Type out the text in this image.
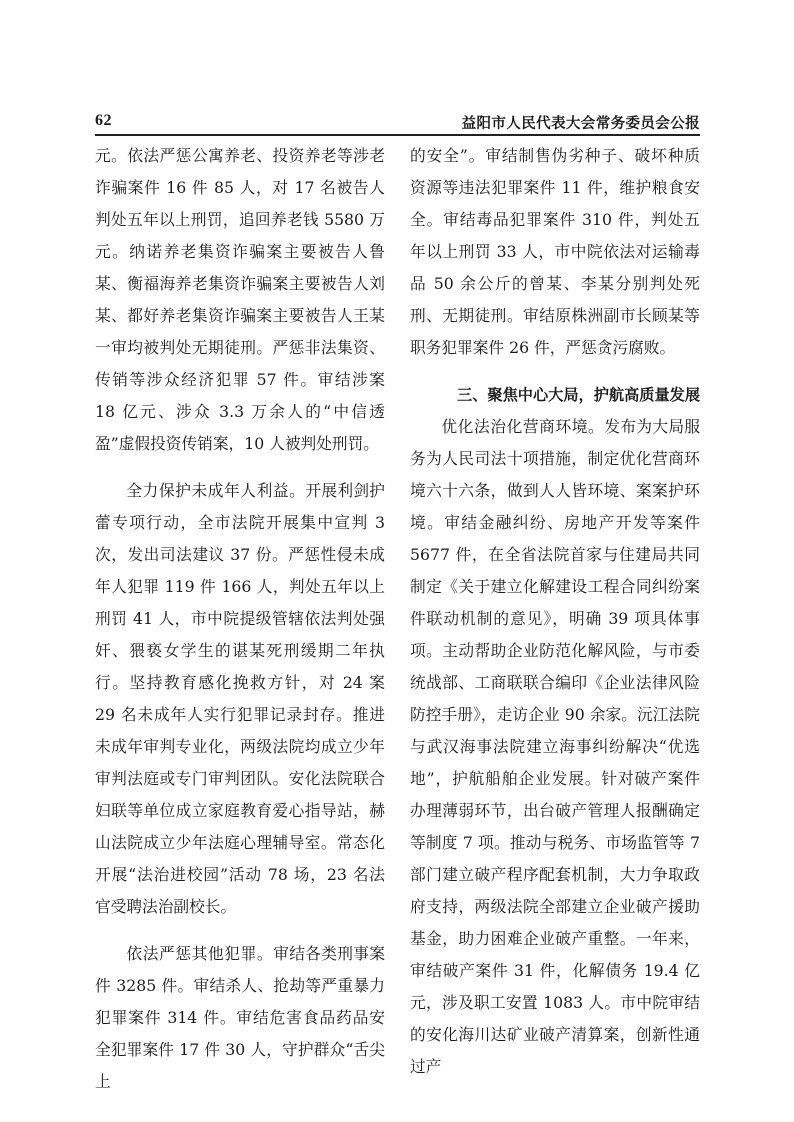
62	益阳市人民代表大会常务委员会公报

元。依法严惩公寓养老、投资养老等涉老诈骗案件 16 件 85 人，对 17 名被告人判处五年以上刑罚，追回养老钱 5580 万元。纳诺养老集资诈骗案主要被告人鲁某、衡福海养老集资诈骗案主要被告人刘某、都好养老集资诈骗案主要被告人王某一审均被判处无期徒刑。严惩非法集资、传销等涉众经济犯罪 57 件。审结涉案 18 亿元、涉众 3.3 万余人的“中信透盈”虚假投资传销案，10 人被判处刑罚。

全力保护未成年人利益。开展利剑护蕾专项行动，全市法院开展集中宣判 3 次，发出司法建议 37 份。严惩性侵未成年人犯罪 119 件 166 人，判处五年以上刑罚 41 人，市中院提级管辖依法判处强奸、猥亵女学生的谌某死刑缓期二年执行。坚持教育感化挽救方针，对 24 案 29 名未成年人实行犯罪记录封存。推进未成年审判专业化，两级法院均成立少年审判法庭或专门审判团队。安化法院联合妇联等单位成立家庭教育爱心指导站，赫山法院成立少年法庭心理辅导室。常态化开展“法治进校园”活动 78 场，23 名法官受聘法治副校长。

依法严惩其他犯罪。审结各类刑事案件 3285 件。审结杀人、抢劫等严重暴力犯罪案件 314 件。审结危害食品药品安全犯罪案件 17 件 30 人，守护群众“舌尖上

的安全”。审结制售伪劣种子、破坏种质资源等违法犯罪案件 11 件，维护粮食安全。审结毒品犯罪案件 310 件，判处五年以上刑罚 33 人，市中院依法对运输毒品 50 余公斤的曾某、李某分别判处死刑、无期徒刑。审结原株洲副市长顾某等职务犯罪案件 26 件，严惩贪污腐败。

三、聚焦中心大局，护航高质量发展

优化法治化营商环境。发布为大局服务为人民司法十项措施，制定优化营商环境六十六条，做到人人皆环境、案案护环境。审结金融纠纷、房地产开发等案件 5677 件，在全省法院首家与住建局共同制定《关于建立化解建设工程合同纠纷案件联动机制的意见》，明确 39 项具体事项。主动帮助企业防范化解风险，与市委统战部、工商联联合编印《企业法律风险防控手册》，走访企业 90 余家。沅江法院与武汉海事法院建立海事纠纷解决“优选地”，护航船舶企业发展。针对破产案件办理薄弱环节，出台破产管理人报酬确定等制度 7 项。推动与税务、市场监管等 7 部门建立破产程序配套机制，大力争取政府支持，两级法院全部建立企业破产援助基金，助力困难企业破产重整。一年来，审结破产案件 31 件，化解债务 19.4 亿元，涉及职工安置 1083 人。市中院审结的安化海川达矿业破产清算案，创新性通过产
